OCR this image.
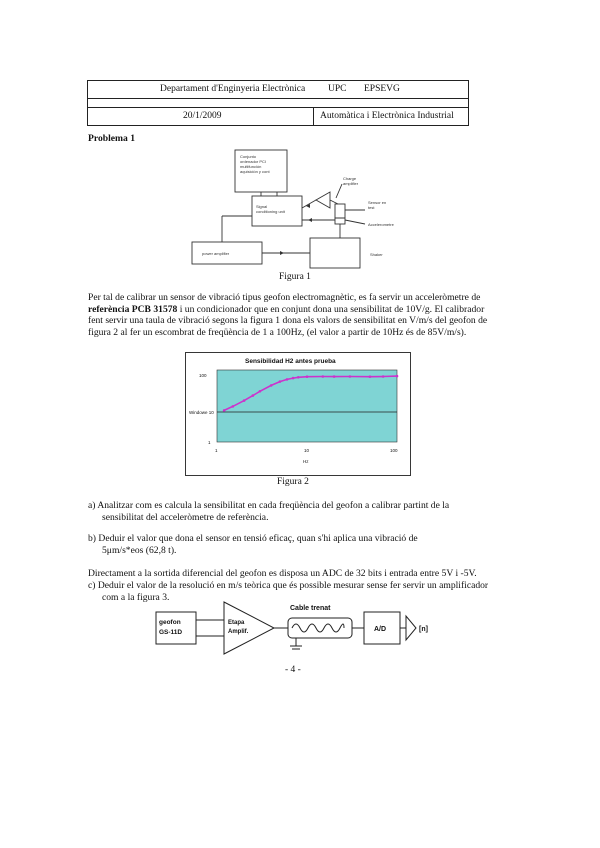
Departament d'Enginyeria Electrònica UPC EPSEVG
20/1/2009	Automàtica i Electrònica Industrial
Problema 1
Conjunto
ordenador PCI
multifunción
aquisición y cont
Signal
conditioning unit
Charge
amplifier
Sensor en
test
Accelerometre
Shaker
power amplifier
Figura 1
Per tal de calibrar un sensor de vibració tipus geofon electromagnètic, es fa servir un acceleròmetre de
referència PCB 31578 i un condicionador que en conjunt dona una sensibilitat de 10V/g. El calibrador
fent servir una taula de vibració segons la figura 1 dona els valors de sensibilitat en V/m/s del geofon de
figura 2 al fer un escombrat de freqüència de 1 a 100Hz, (el valor a partir de 10Hz és de 85V/m/s).
Sensibilidad H2 antes prueba
100
Windowe 10
1
1	10	100
Hz
Figura 2
a) Analitzar com es calcula la sensibilitat en cada freqüència del geofon a calibrar partint de la
sensibilitat del acceleròmetre de referència.
b) Deduir el valor que dona el sensor en tensió eficaç, quan s'hi aplica una vibració de
5μm/s*eos (62,8 t).
Directament a la sortida diferencial del geofon es disposa un ADC de 32 bits i entrada entre 5V i -5V.
c) Deduir el valor de la resolució en m/s teòrica que és possible mesurar sense fer servir un amplificador
com a la figura 3.
geofon
GS-11D
Etapa
Amplif.
Cable trenat
A/D	[n]
- 4 -
